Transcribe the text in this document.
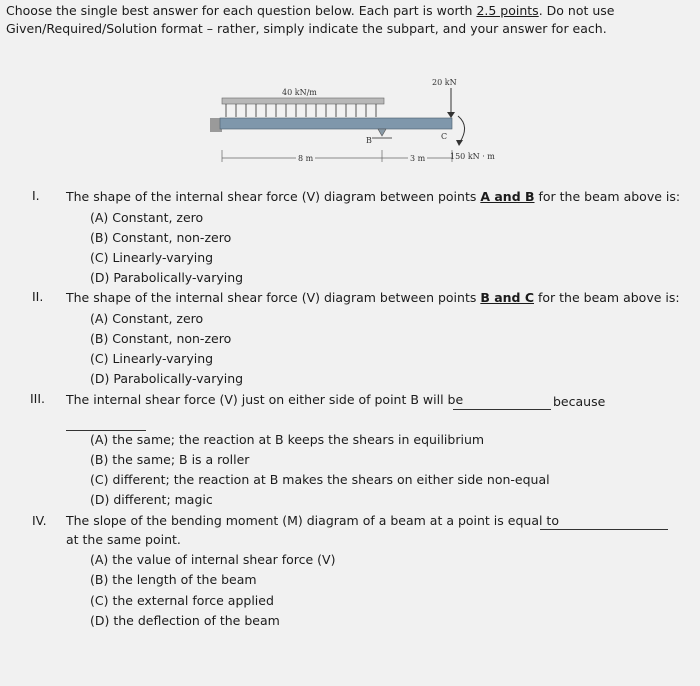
Choose the single best answer for each question below. Each part is worth 2.5 points. Do not use
Given/Required/Solution format – rather, simply indicate the subpart, and your answer for each.
40 kN/m
20 kN
B	C
8 m	3 m	150 kN · m
I. The shape of the internal shear force (V) diagram between points A and B for the beam above is:
(A) Constant, zero
(B) Constant, non-zero
(C) Linearly-varying
(D) Parabolically-varying
II. The shape of the internal shear force (V) diagram between points B and C for the beam above is:
(A) Constant, zero
(B) Constant, non-zero
(C) Linearly-varying
(D) Parabolically-varying
III. The internal shear force (V) just on either side of point B will be	because
(A) the same; the reaction at B keeps the shears in equilibrium
(B) the same; B is a roller
(C) different; the reaction at B makes the shears on either side non-equal
(D) different; magic
IV. The slope of the bending moment (M) diagram of a beam at a point is equal to
at the same point.
(A) the value of internal shear force (V)
(B) the length of the beam
(C) the external force applied
(D) the deflection of the beam
